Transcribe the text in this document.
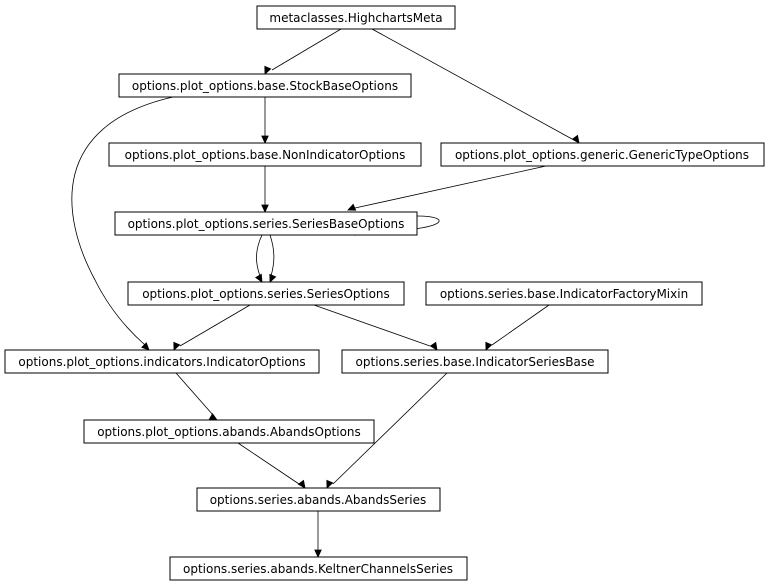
metaclasses.HighchartsMeta
options.plot_options.base.StockBaseOptions
options.plot_options.base.NonIndicatorOptions	options.plot_options.generic.GenericTypeOptions
options.plot_options.series.SeriesBaseOptions
options.plot_options.series.SeriesOptions	options.series.base.IndicatorFactoryMixin
options.plot_options.indicators.IndicatorOptions	options.series.base.IndicatorSeriesBase
options.plot_options.abands.AbandsOptions
options.series.abands.AbandsSeries
options.series.abands.KeltnerChannelsSeries
